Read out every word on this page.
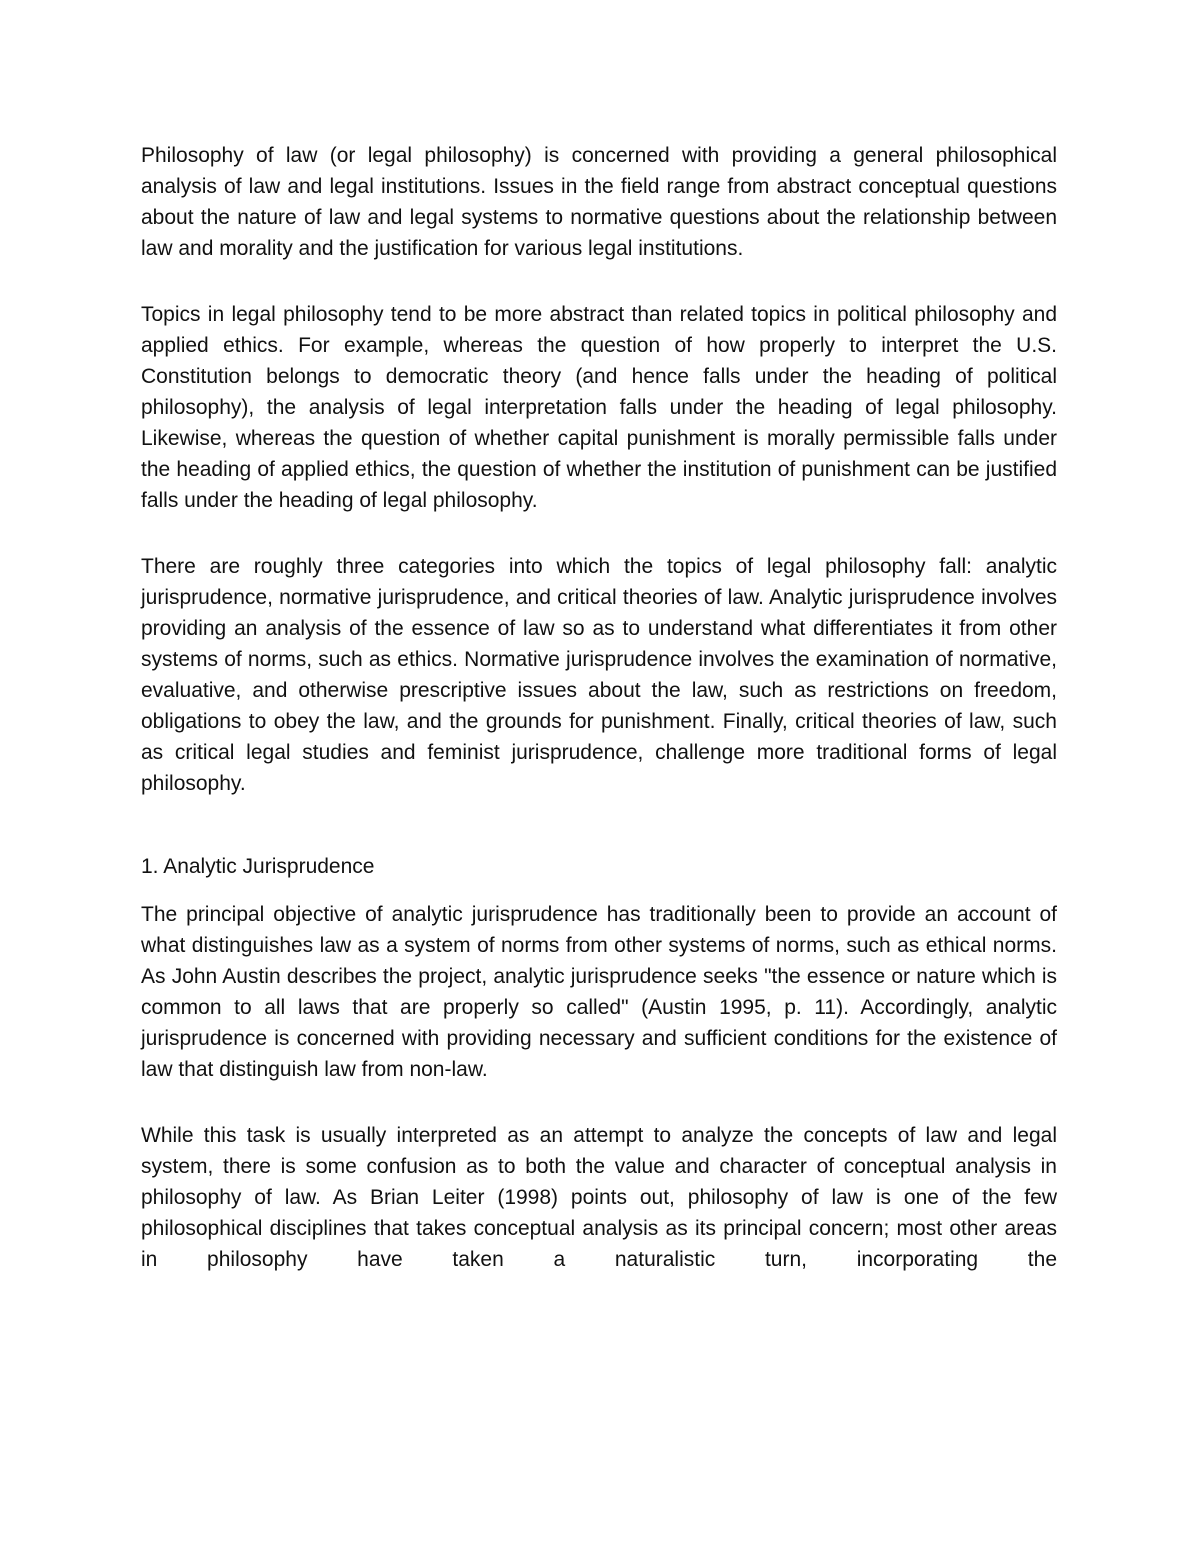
Philosophy of law (or legal philosophy) is concerned with providing a general philosophical analysis of law and legal institutions. Issues in the field range from abstract conceptual questions about the nature of law and legal systems to normative questions about the relationship between law and morality and the justification for various legal institutions.

Topics in legal philosophy tend to be more abstract than related topics in political philosophy and applied ethics. For example, whereas the question of how properly to interpret the U.S. Constitution belongs to democratic theory (and hence falls under the heading of political philosophy), the analysis of legal interpretation falls under the heading of legal philosophy. Likewise, whereas the question of whether capital punishment is morally permissible falls under the heading of applied ethics, the question of whether the institution of punishment can be justified falls under the heading of legal philosophy.

There are roughly three categories into which the topics of legal philosophy fall: analytic jurisprudence, normative jurisprudence, and critical theories of law. Analytic jurisprudence involves providing an analysis of the essence of law so as to understand what differentiates it from other systems of norms, such as ethics. Normative jurisprudence involves the examination of normative, evaluative, and otherwise prescriptive issues about the law, such as restrictions on freedom, obligations to obey the law, and the grounds for punishment. Finally, critical theories of law, such as critical legal studies and feminist jurisprudence, challenge more traditional forms of legal philosophy.

1. Analytic Jurisprudence

The principal objective of analytic jurisprudence has traditionally been to provide an account of what distinguishes law as a system of norms from other systems of norms, such as ethical norms. As John Austin describes the project, analytic jurisprudence seeks "the essence or nature which is common to all laws that are properly so called" (Austin 1995, p. 11). Accordingly, analytic jurisprudence is concerned with providing necessary and sufficient conditions for the existence of law that distinguish law from non-law.

While this task is usually interpreted as an attempt to analyze the concepts of law and legal system, there is some confusion as to both the value and character of conceptual analysis in philosophy of law. As Brian Leiter (1998) points out, philosophy of law is one of the few philosophical disciplines that takes conceptual analysis as its principal concern; most other areas in philosophy have taken a naturalistic turn, incorporating the
